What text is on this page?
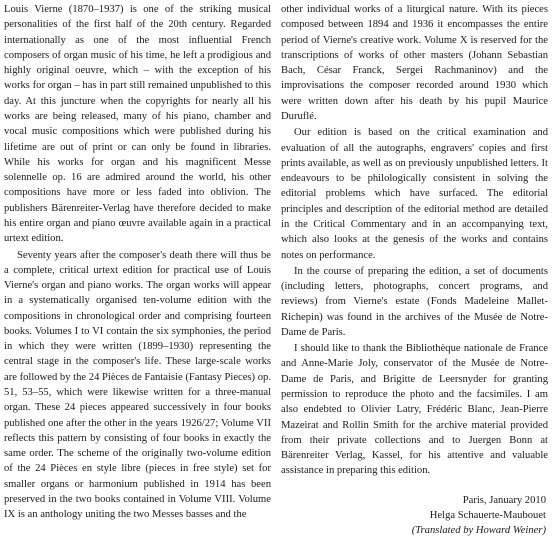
Louis Vierne (1870–1937) is one of the striking musical personalities of the first half of the 20th century. Regarded internationally as one of the most influential French composers of organ music of his time, he left a prodigious and highly original oeuvre, which – with the exception of his works for organ – has in part still remained unpublished to this day. At this juncture when the copyrights for nearly all his works are being released, many of his piano, chamber and vocal music compositions which were published during his lifetime are out of print or can only be found in libraries. While his works for organ and his magnificent Messe solennelle op. 16 are admired around the world, his other compositions have more or less faded into oblivion. The publishers Bärenreiter-Verlag have therefore decided to make his entire organ and piano œuvre available again in a practical urtext edition.

Seventy years after the composer's death there will thus be a complete, critical urtext edition for practical use of Louis Vierne's organ and piano works. The organ works will appear in a systematically organised ten-volume edition with the compositions in chronological order and comprising fourteen books. Volumes I to VI contain the six symphonies, the period in which they were written (1899–1930) representing the central stage in the composer's life. These large-scale works are followed by the 24 Pièces de Fantaisie (Fantasy Pieces) op. 51, 53–55, which were likewise written for a three-manual organ. These 24 pieces appeared successively in four books published one after the other in the years 1926/27; Volume VII reflects this pattern by consisting of four books in exactly the same order. The scheme of the originally two-volume edition of the 24 Pièces en style libre (pieces in free style) set for smaller organs or harmonium published in 1914 has been preserved in the two books contained in Volume VIII. Volume IX is an anthology uniting the two Messes basses and the

other individual works of a liturgical nature. With its pieces composed between 1894 and 1936 it encompasses the entire period of Vierne's creative work. Volume X is reserved for the transcriptions of works of other masters (Johann Sebastian Bach, César Franck, Sergei Rachmaninov) and the improvisations the composer recorded around 1930 which were written down after his death by his pupil Maurice Duruflé.

Our edition is based on the critical examination and evaluation of all the autographs, engravers' copies and first prints available, as well as on previously unpublished letters. It endeavours to be philologically consistent in solving the editorial problems which have surfaced. The editorial principles and description of the editorial method are detailed in the Critical Commentary and in an accompanying text, which also looks at the genesis of the works and contains notes on performance.

In the course of preparing the edition, a set of documents (including letters, photographs, concert programs, and reviews) from Vierne's estate (Fonds Madeleine Mallet-Richepin) was found in the archives of the Musée de Notre-Dame de Paris.

I should like to thank the Bibliothèque nationale de France and Anne-Marie Joly, conservator of the Musée de Notre-Dame de Paris, and Brigitte de Leersnyder for granting permission to reproduce the photo and the facsimiles. I am also endebted to Olivier Latry, Frédéric Blanc, Jean-Pierre Mazeirat and Rollin Smith for the archive material provided from their private collections and to Juergen Bonn at Bärenreiter Verlag, Kassel, for his attentive and valuable assistance in preparing this edition.

Paris, January 2010
Helga Schauerte-Maubouet
(Translated by Howard Weiner)
